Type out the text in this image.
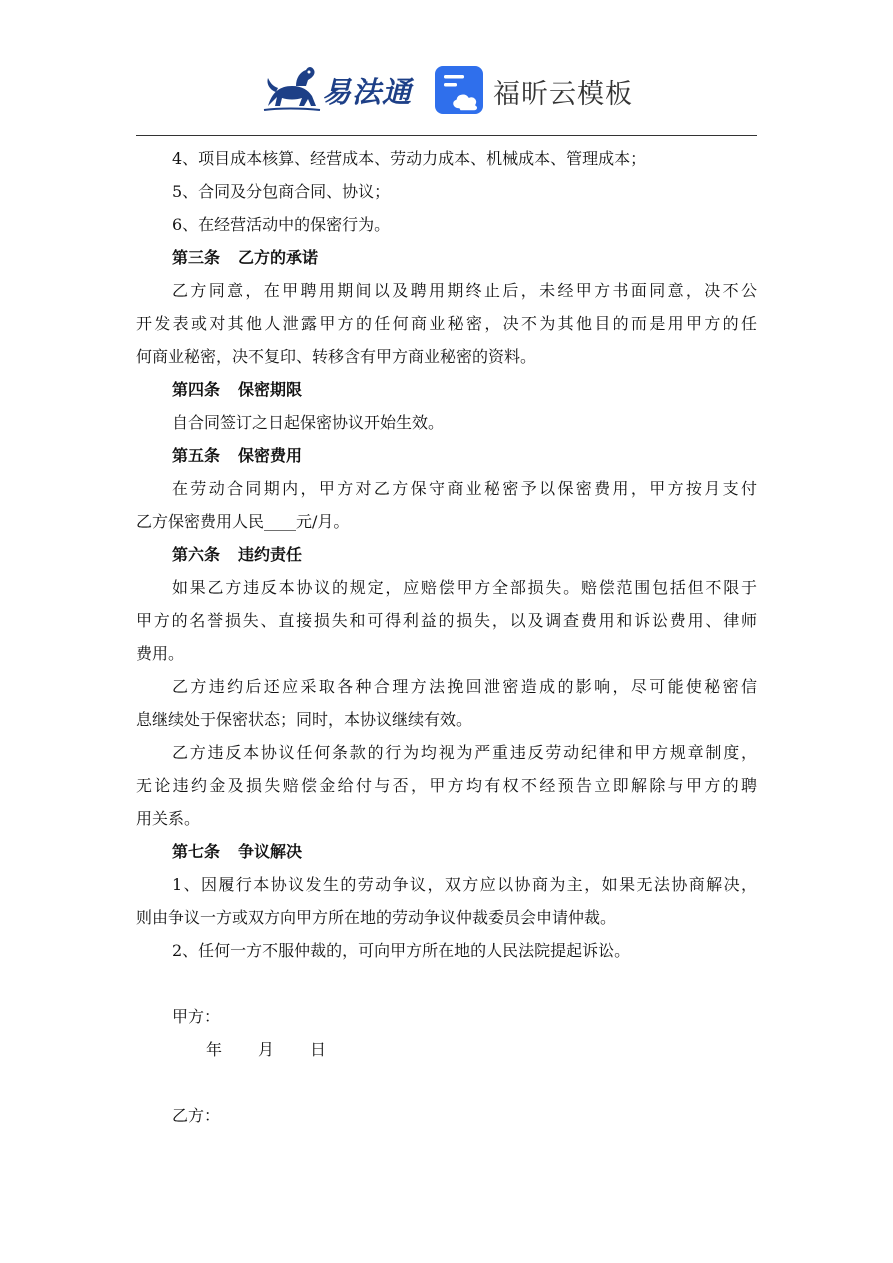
易法通	福昕云模板
4、项目成本核算、经营成本、劳动力成本、机械成本、管理成本；
5、合同及分包商合同、协议；
6、在经营活动中的保密行为。
第三条 乙方的承诺
乙方同意，在甲聘用期间以及聘用期终止后，未经甲方书面同意，决不公
开发表或对其他人泄露甲方的任何商业秘密，决不为其他目的而是用甲方的任
何商业秘密，决不复印、转移含有甲方商业秘密的资料。
第四条 保密期限
自合同签订之日起保密协议开始生效。
第五条 保密费用
在劳动合同期内，甲方对乙方保守商业秘密予以保密费用，甲方按月支付
乙方保密费用人民____元/月。
第六条 违约责任
如果乙方违反本协议的规定，应赔偿甲方全部损失。赔偿范围包括但不限于
甲方的名誉损失、直接损失和可得利益的损失，以及调查费用和诉讼费用、律师
费用。
乙方违约后还应采取各种合理方法挽回泄密造成的影响，尽可能使秘密信
息继续处于保密状态；同时，本协议继续有效。
乙方违反本协议任何条款的行为均视为严重违反劳动纪律和甲方规章制度，
无论违约金及损失赔偿金给付与否，甲方均有权不经预告立即解除与甲方的聘
用关系。
第七条 争议解决
1、因履行本协议发生的劳动争议，双方应以协商为主，如果无法协商解决，
则由争议一方或双方向甲方所在地的劳动争议仲裁委员会申请仲裁。
2、任何一方不服仲裁的，可向甲方所在地的人民法院提起诉讼。
甲方：
年 月 日
乙方：
